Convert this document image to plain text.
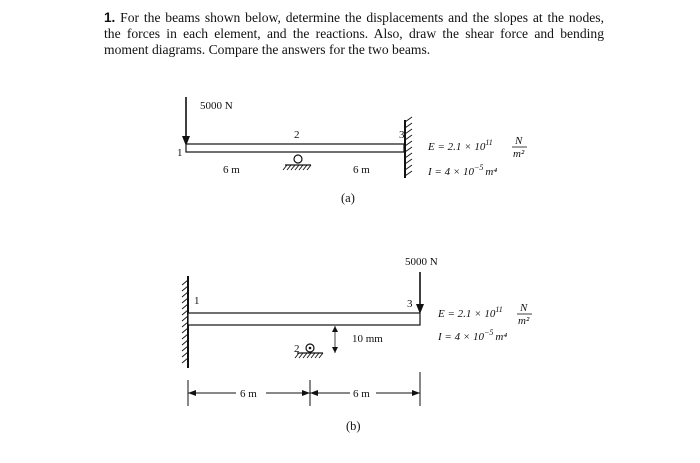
1. For the beams shown below, determine the displacements and the slopes at the nodes, the forces in each element, and the reactions. Also, draw the shear force and bending moment diagrams. Compare the answers for the two beams.
5000 N
1
2	3
6 m	6 m
$E = 2.1 \times 10^{11}$ N
m²
$I = 4 \times 10^{-5}$ m⁴
(a)
1
5000 N
3
2
10 mm
6 m	6 m
$E = 2.1 \times 10^{11}$ N
m²
$I = 4 \times 10^{-5}$ m⁴
(b)
